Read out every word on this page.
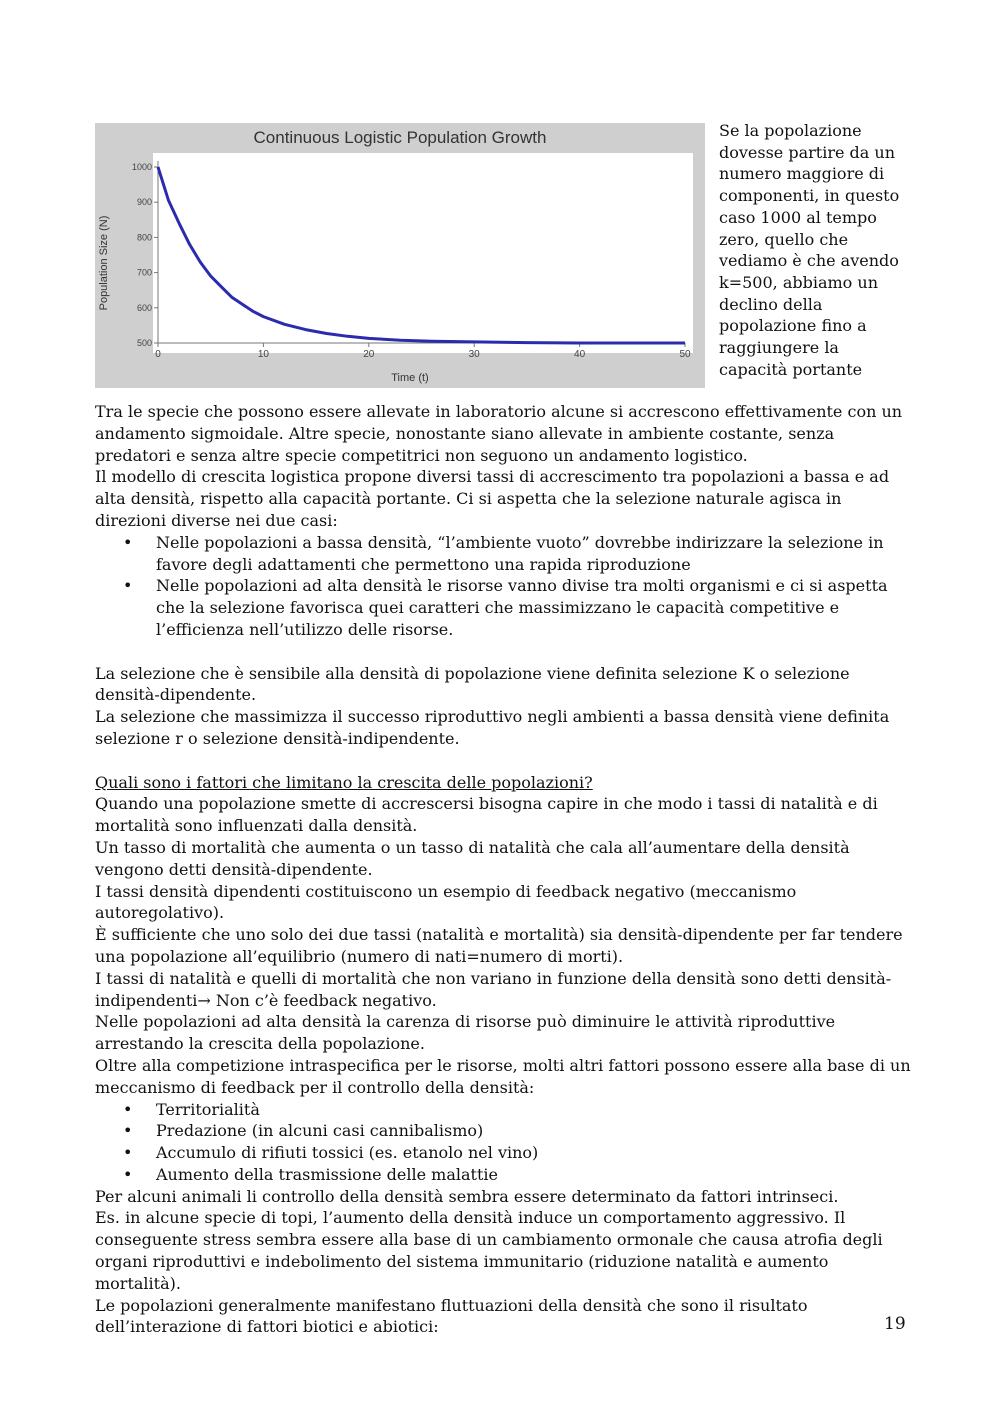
Continuous Logistic Population Growth
Time (t)
Population Size (N)
0	10	20	30	40	50
500
600
700
800
900
1000

Se la popolazione dovesse partire da un numero maggiore di componenti, in questo caso 1000 al tempo zero, quello che vediamo è che avendo k=500, abbiamo un declino della popolazione fino a raggiungere la capacità portante

Tra le specie che possono essere allevate in laboratorio alcune si accrescono effettivamente con un andamento sigmoidale. Altre specie, nonostante siano allevate in ambiente costante, senza predatori e senza altre specie competitrici non seguono un andamento logistico.

Il modello di crescita logistica propone diversi tassi di accrescimento tra popolazioni a bassa e ad alta densità, rispetto alla capacità portante. Ci si aspetta che la selezione naturale agisca in direzioni diverse nei due casi:

• Nelle popolazioni a bassa densità, “l’ambiente vuoto” dovrebbe indirizzare la selezione in favore degli adattamenti che permettono una rapida riproduzione
• Nelle popolazioni ad alta densità le risorse vanno divise tra molti organismi e ci si aspetta che la selezione favorisca quei caratteri che massimizzano le capacità competitive e l’efficienza nell’utilizzo delle risorse.

La selezione che è sensibile alla densità di popolazione viene definita selezione K o selezione densità-dipendente.

La selezione che massimizza il successo riproduttivo negli ambienti a bassa densità viene definita selezione r o selezione densità-indipendente.

Quali sono i fattori che limitano la crescita delle popolazioni?

Quando una popolazione smette di accrescersi bisogna capire in che modo i tassi di natalità e di mortalità sono influenzati dalla densità.

Un tasso di mortalità che aumenta o un tasso di natalità che cala all’aumentare della densità vengono detti densità-dipendente.

I tassi densità dipendenti costituiscono un esempio di feedback negativo (meccanismo autoregolativo).

È sufficiente che uno solo dei due tassi (natalità e mortalità) sia densità-dipendente per far tendere una popolazione all’equilibrio (numero di nati=numero di morti).

I tassi di natalità e quelli di mortalità che non variano in funzione della densità sono detti densità-indipendenti→ Non c’è feedback negativo.

Nelle popolazioni ad alta densità la carenza di risorse può diminuire le attività riproduttive arrestando la crescita della popolazione.

Oltre alla competizione intraspecifica per le risorse, molti altri fattori possono essere alla base di un meccanismo di feedback per il controllo della densità:

• Territorialità
• Predazione (in alcuni casi cannibalismo)
• Accumulo di rifiuti tossici (es. etanolo nel vino)
• Aumento della trasmissione delle malattie

Per alcuni animali li controllo della densità sembra essere determinato da fattori intrinseci.

Es. in alcune specie di topi, l’aumento della densità induce un comportamento aggressivo. Il conseguente stress sembra essere alla base di un cambiamento ormonale che causa atrofia degli organi riproduttivi e indebolimento del sistema immunitario (riduzione natalità e aumento mortalità).

Le popolazioni generalmente manifestano fluttuazioni della densità che sono il risultato dell’interazione di fattori biotici e abiotici:	19
